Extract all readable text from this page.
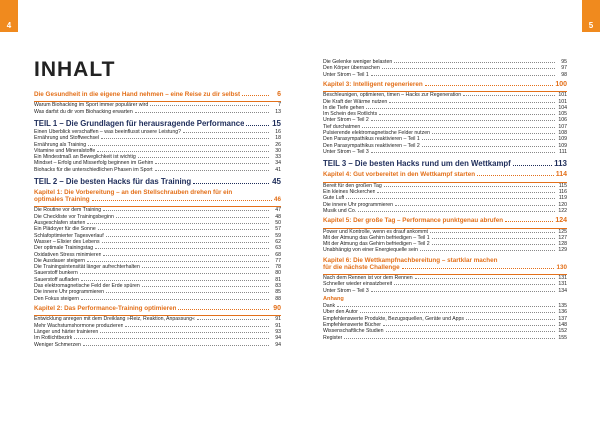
4	5
INHALT
Die Gesundheit in die eigene Hand nehmen – eine Reise zu dir selbst	6
Warum Biohacking im Sport immer populärer wird	7
Was darfst du dir vom Biohacking erwarten	13
TEIL 1 – Die Grundlagen für herausragende Performance	15
Einen Überblick verschaffen – was beeinflusst unsere Leistung?	16
Ernährung und Stoffwechsel	18
Ernährung als Training	26
Vitamine und Mineralstoffe	30
Ein Mindestmaß an Beweglichkeit ist wichtig	33
Mindset – Erfolg und Misserfolg beginnen im Gehirn	34
Biohacks für die unterschiedlichen Phasen im Sport	41
TEIL 2 – Die besten Hacks für das Training	45
Kapitel 1: Die Vorbereitung – an den Stellschrauben drehen für ein
optimales Training	46
Die Routine vor dem Training	47
Die Checkliste vor Trainingsbeginn	48
Ausgeschlafen starten	50
Ein Plädoyer für die Sonne	57
Schlafoptimierter Tagesverlauf	59
Wasser – Elixier des Lebens	62
Der optimale Trainingstag	63
Oxidativen Stress minimieren	68
Die Ausdauer steigern	77
Die Trainingsintensität länger aufrechterhalten	78
Sauerstoff bunkern	80
Sauerstoff aufladen	81
Das elektromagnetische Feld der Erde spüren	83
Die innere Uhr programmieren	85
Den Fokus steigern	88
Kapitel 2: Das Performance-Training optimieren	90
Entwicklung anregen mit dem Dreiklang »Reiz, Reaktion, Anpassung«	91
Mehr Wachstumshormone produzieren	91
Länger und härter trainieren	93
Im Rotlichtbezirk	94
Weniger Schmerzen	94
Die Gelenke weniger belasten	95
Den Körper überraschen	97
Unter Strom – Teil 1	98
Kapitel 3: Intelligent regenerieren	100
Beschleunigen, optimieren, timen – Hacks zur Regeneration	101
Die Kraft der Wärme nutzen	101
In die Tiefe gehen	104
Im Schein des Rotlichts	105
Unter Strom – Teil 2	106
Tief durchatmen	107
Pulsierende elektromagnetische Felder nutzen	108
Den Parasympathikus reaktivieren – Teil 1	109
Den Parasympathikus reaktivieren – Teil 2	109
Unter Strom – Teil 3	111
TEIL 3 – Die besten Hacks rund um den Wettkampf	113
Kapitel 4: Gut vorbereitet in den Wettkampf starten	114
Bereit für den großen Tag	115
Ein kleines Nickerchen	116
Gute Luft	119
Die innere Uhr programmieren	120
Musik und Co.	122
Kapitel 5: Der große Tag – Performance punktgenau abrufen	124
Power und Kontrolle, wenn es drauf ankommt	125
Mit der Atmung das Gehirn befriedigen – Teil 1	127
Mit der Atmung das Gehirn befriedigen – Teil 2	128
Unabhängig von einer Energiequelle sein	129
Kapitel 6: Die Wettkampfnachbereitung – startklar machen
für die nächste Challenge	130
Nach dem Rennen ist vor dem Rennen	131
Schneller wieder einsatzbereit	131
Unter Strom – Teil 3	134
Anhang
Dank	135
Über den Autor	136
Empfehlenswerte Produkte, Bezugsquellen, Geräte und Apps	137
Empfehlenswerte Bücher	148
Wissenschaftliche Studien	152
Register	155
